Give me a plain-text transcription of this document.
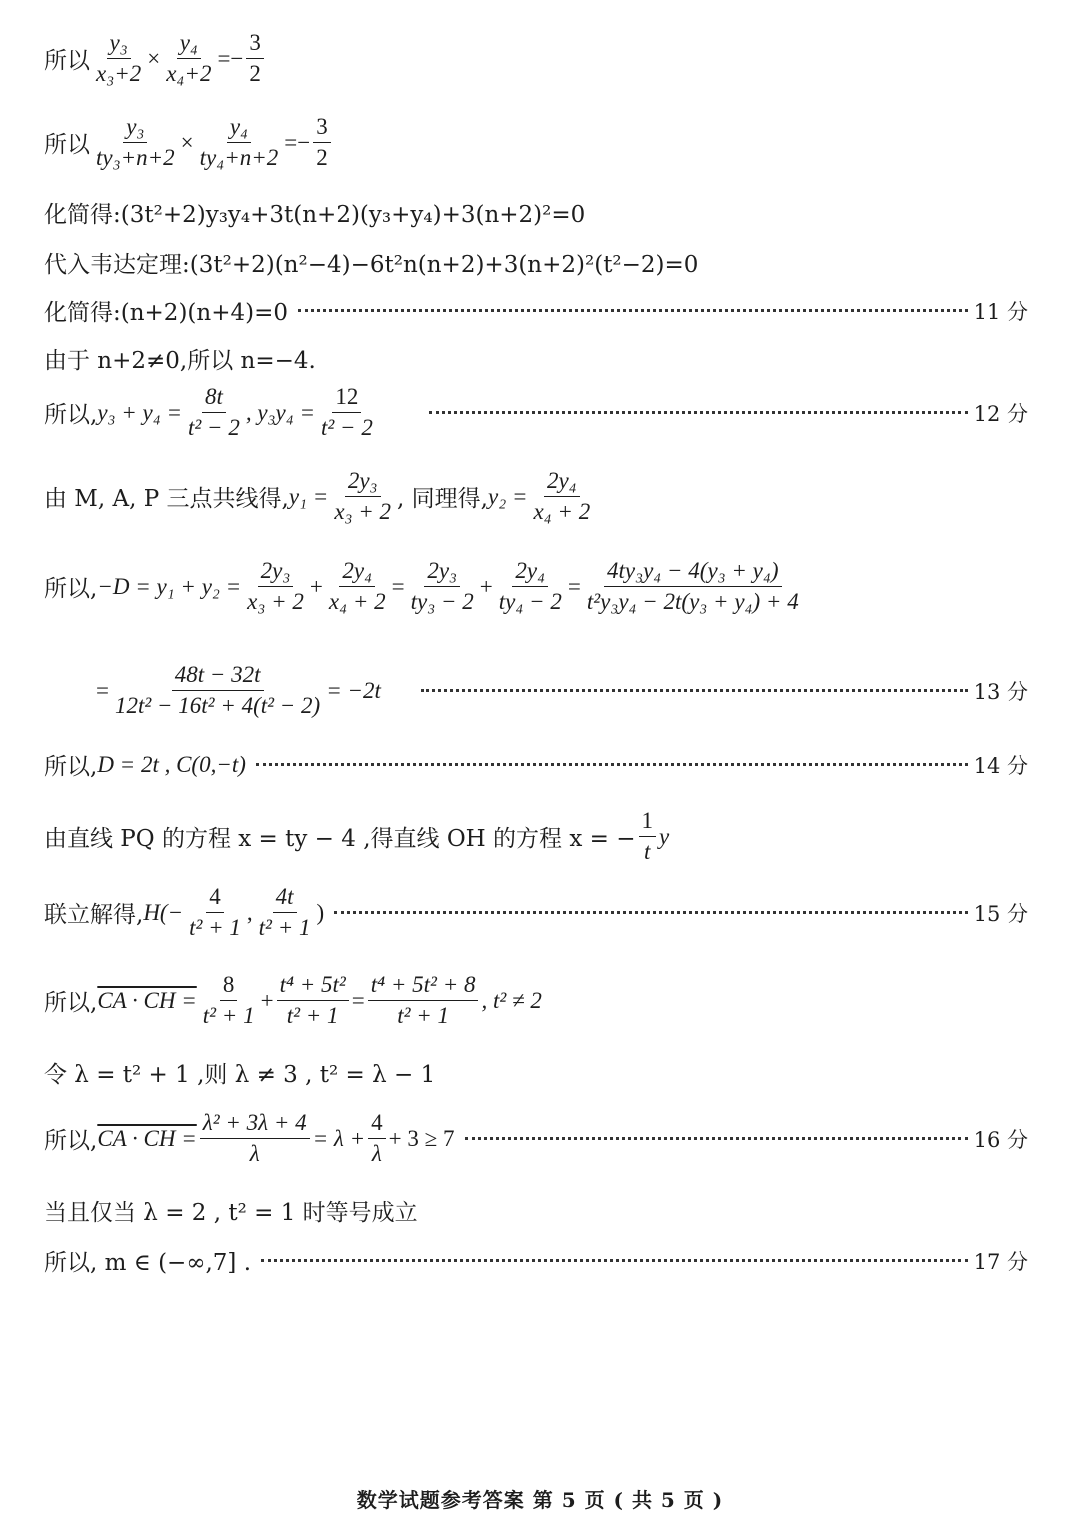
所以 $\frac{\text{y₃}}{\text{x₃+2}} \times \frac{\text{y₄}}{\text{x₄+2}} =- \frac{3}{2}$
所以 $\frac{\text{y₃}}{\text{ty₃+n+2}} \times \frac{\text{y₄}}{\text{ty₄+n+2}} =- \frac{3}{2}$
化简得:(3t²+2)y₃y₄+3t(n+2)(y₃+y₄)+3(n+2)²=0
代入韦达定理:(3t²+2)(n²−4)−6t²n(n+2)+3(n+2)²(t²−2)=0
化简得:(n+2)(n+4)=0	11 分
由于 n+2≠0,所以 n=−4.
所以, $y_3 + y_4 = \frac{8t}{\text{t² − 2}}$ , $y_3y_4 = \frac{12}{\text{t² − 2}}$	12 分
由 M, A, P 三点共线得, $y_1 = \frac{\text{2y₃}}{\text{x₃ + 2}}$ , 同理得, $y_2 = \frac{\text{2y₄}}{\text{x₄ + 2}}$
所以, $-D = y_1 + y_2 = \frac{\text{2y₃}}{\text{x₃ + 2}} + \frac{\text{2y₄}}{\text{x₄ + 2}} = \frac{\text{2y₃}}{\text{ty₃ − 2}} + \frac{\text{2y₄}}{\text{ty₄ − 2}} = \frac{\text{4ty₃y₄ − 4(y₃ + y₄)}}{\text{t²y₃y₄ − 2t(y₃ + y₄) + 4}}$
= $\frac{48t - 32t}{\text{12t² − 16t² + 4(t² − 2)}} = -2t$	13 分
所以, D = 2t , C(0,−t)	14 分
由直线 PQ 的方程 x = ty − 4 ,得直线 OH 的方程 x = − $\frac{1}{t}$ y
联立解得, $H(- \frac{4}{\text{t² + 1}}$ , $\frac{4t}{\text{t² + 1}}$ )	15 分
所以, CA · CH = $\frac{8}{\text{t² + 1}} + \frac{\text{t⁴ + 5t²}}{\text{t² + 1}} = \frac{\text{t⁴ + 5t² + 8}}{\text{t² + 1}}$ , t² ≠ 2
令 λ = t² + 1 ,则 λ ≠ 3 , t² = λ − 1
所以, CA · CH = $\frac{\text{λ² + 3λ + 4}}{\lambda} = \lambda + \frac{4}{\lambda} + 3 \ge 7$	16 分
当且仅当 λ = 2 , t² = 1 时等号成立
所以, m ∈ (−∞,7] .	17 分
数学试题参考答案 第 5 页 ( 共 5 页 )
